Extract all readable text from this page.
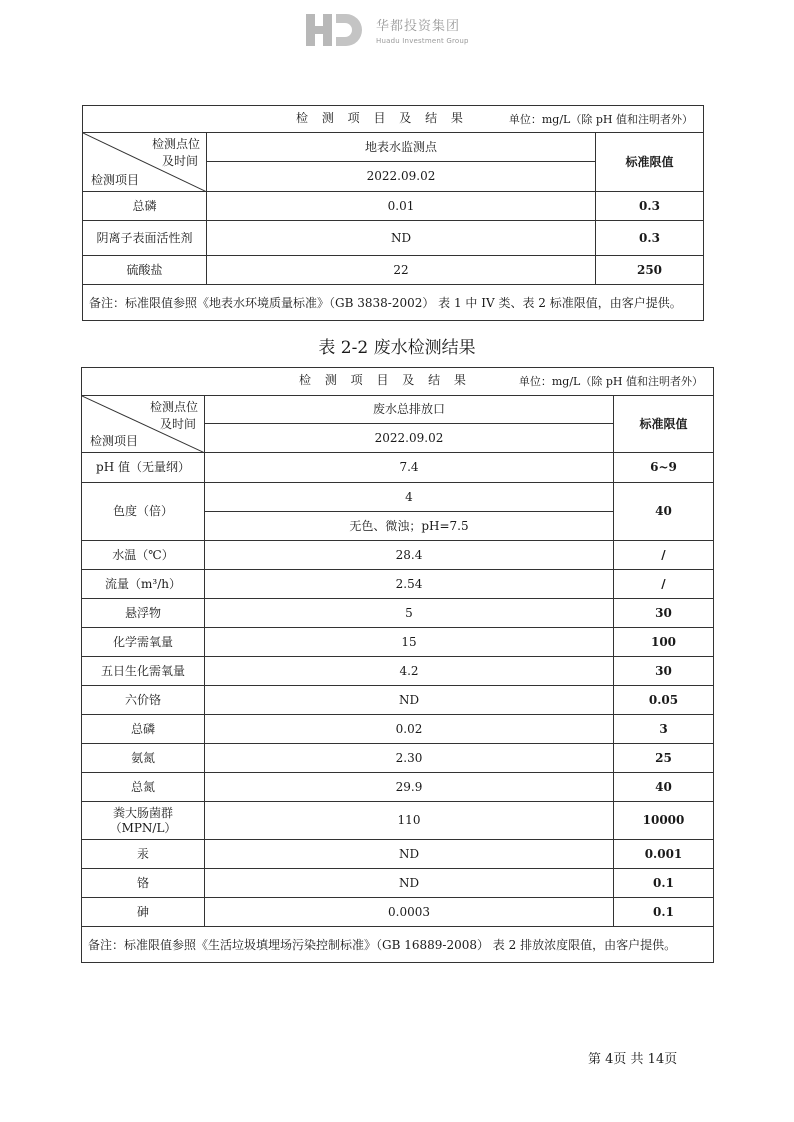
华都投资集团
Huadu Investment Group
检 测 项 目 及 结 果 单位：mg/L（除 pH 值和注明者外）		

检测点位
及时间
检测项目	地表水监测点	标准限值
	2022.09.02	
总磷	0.01	0.3
阴离子表面活性剂	ND	0.3
硫酸盐	22	250
备注：标准限值参照《地表水环境质量标准》（GB 3838-2002） 表 1 中 IV 类、表 2 标准限值，由客户提供。		
表 2-2 废水检测结果
检 测 项 目 及 结 果 单位：mg/L（除 pH 值和注明者外）		

检测点位
及时间
检测项目	废水总排放口	标准限值
	2022.09.02	
pH 值（无量纲）	7.4	6~9
色度（倍）	4	40
	无色、微浊；pH=7.5	
水温（℃）	28.4	/
流量（m³/h）	2.54	/
悬浮物	5	30
化学需氧量	15	100
五日生化需氧量	4.2	30
六价铬	ND	0.05
总磷	0.02	3
氨氮	2.30	25
总氮	29.9	40

粪大肠菌群
（MPN/L）	110	10000
汞	ND	0.001
铬	ND	0.1
砷	0.0003	0.1
备注：标准限值参照《生活垃圾填埋场污染控制标准》（GB 16889-2008） 表 2 排放浓度限值，由客户提供。		
第 4页 共 14页
